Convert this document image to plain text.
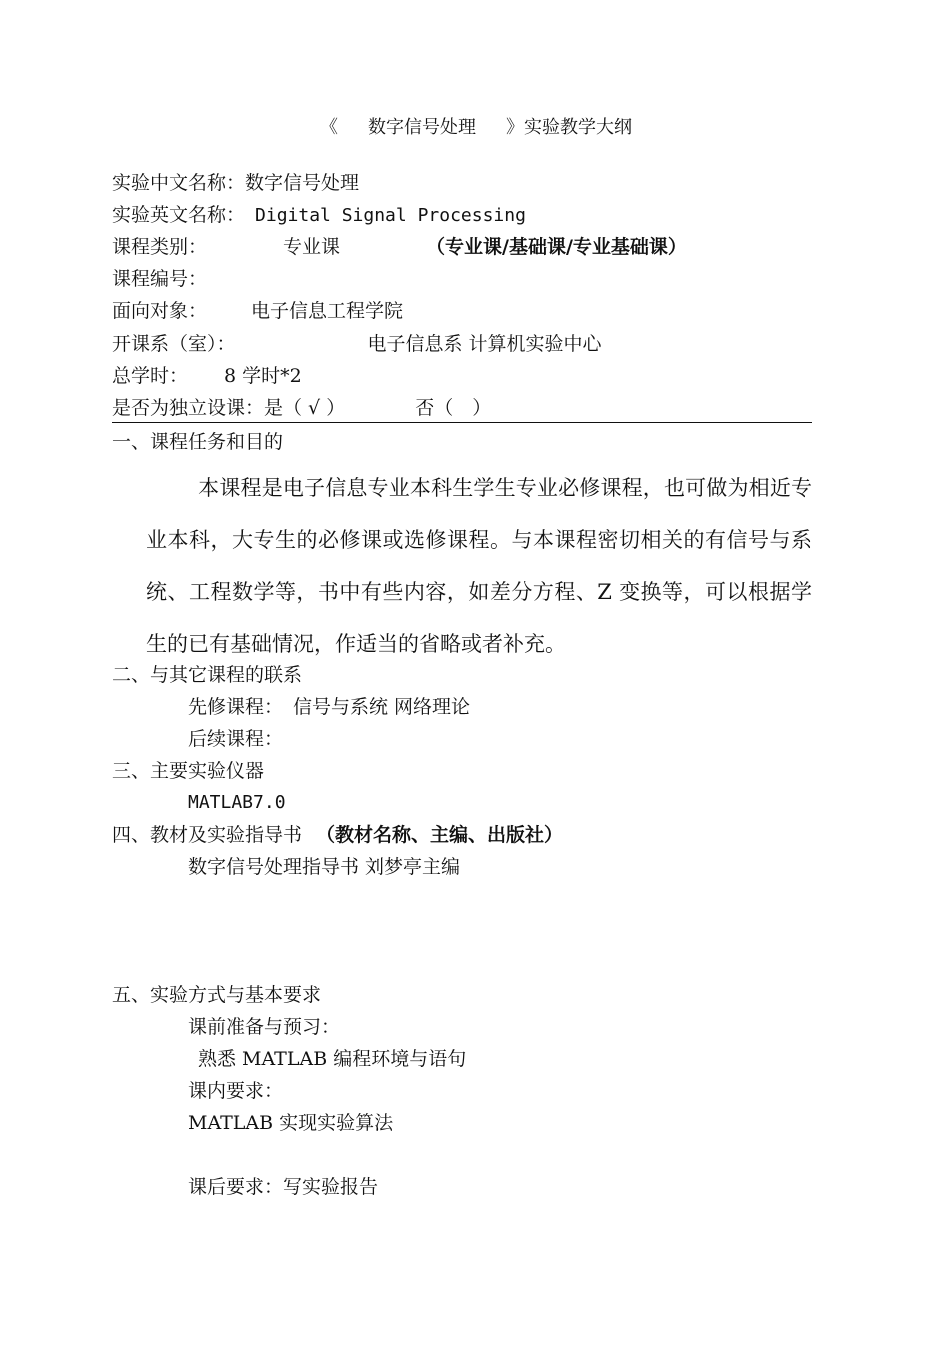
《 数字信号处理 》实验教学大纲
实验中文名称：数字信号处理
实验英文名称： Digital Signal Processing
课程类别：	专业课	（专业课/基础课/专业基础课）
课程编号：
面向对象： 电子信息工程学院
开课系（室）：	电子信息系 计算机实验中心
总学时： 8 学时*2
是否为独立设课：是（ √ ）	否（　）
一、课程任务和目的

本课程是电子信息专业本科生学生专业必修课程，也可做为相近专业本科，大专生的必修课或选修课程。与本课程密切相关的有信号与系统、工程数学等，书中有些内容，如差分方程、Z 变换等，可以根据学生的已有基础情况，作适当的省略或者补充。

二、与其它课程的联系
先修课程： 信号与系统 网络理论
后续课程：
三、主要实验仪器
MATLAB7.0
四、教材及实验指导书 （教材名称、主编、出版社）
数字信号处理指导书 刘梦亭主编
五、实验方式与基本要求
课前准备与预习：
熟悉 MATLAB 编程环境与语句
课内要求：
MATLAB 实现实验算法
课后要求：写实验报告
